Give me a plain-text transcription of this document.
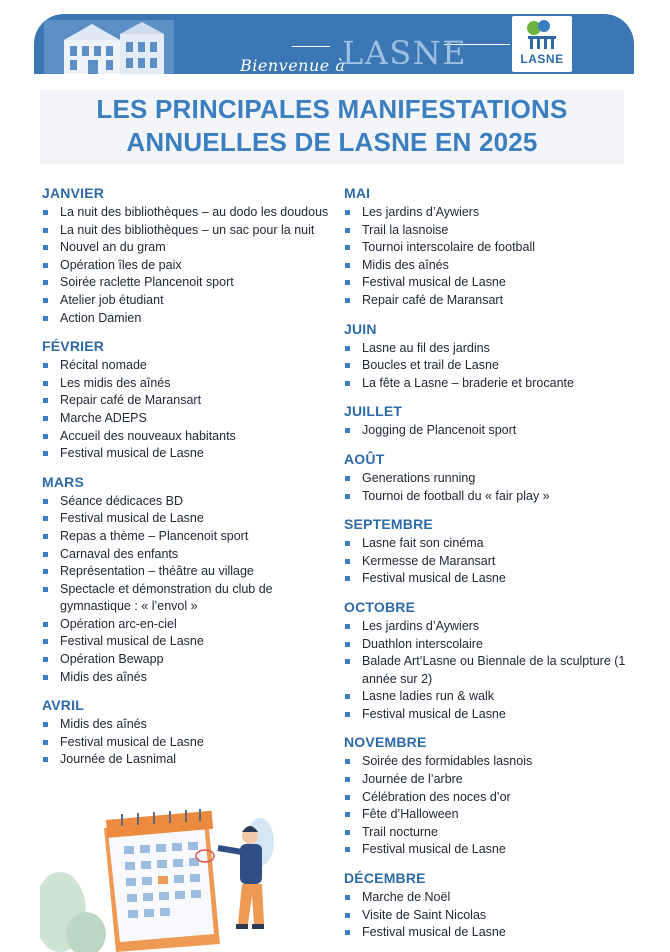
LASNE
Bienvenue à	LASNE
LES PRINCIPALES MANIFESTATIONS
ANNUELLES DE LASNE EN 2025
JANVIER
La nuit des bibliothèques – au dodo les doudous
La nuit des bibliothèques – un sac pour la nuit
Nouvel an du gram
Opération îles de paix
Soirée raclette Plancenoit sport
Atelier job étudiant
Action Damien
FÉVRIER
Récital nomade
Les midis des aînés
Repair café de Maransart
Marche ADEPS
Accueil des nouveaux habitants
Festival musical de Lasne
MARS
Séance dédicaces BD
Festival musical de Lasne
Repas a thème – Plancenoit sport
Carnaval des enfants
Représentation – théâtre au village
Spectacle et démonstration du club de gymnastique : « l’envol »
Opération arc-en-ciel
Festival musical de Lasne
Opération Bewapp
Midis des aînés
AVRIL
Midis des aînés
Festival musical de Lasne
Journée de Lasnimal
MAI
Les jardins d’Aywiers
Trail la lasnoise
Tournoi interscolaire de football
Midis des aînés
Festival musical de Lasne
Repair café de Maransart
JUIN
Lasne au fil des jardins
Boucles et trail de Lasne
La fête a Lasne – braderie et brocante
JUILLET
Jogging de Plancenoit sport
AOÛT
Generations running
Tournoi de football du « fair play »
SEPTEMBRE
Lasne fait son cinéma
Kermesse de Maransart
Festival musical de Lasne
OCTOBRE
Les jardins d’Aywiers
Duathlon interscolaire
Balade Art’Lasne ou Biennale de la sculpture (1 année sur 2)
Lasne ladies run & walk
Festival musical de Lasne
NOVEMBRE
Soirée des formidables lasnois
Journée de l’arbre
Célébration des noces d’or
Fête d’Halloween
Trail nocturne
Festival musical de Lasne
DÉCEMBRE
Marche de Noël
Visite de Saint Nicolas
Festival musical de Lasne
